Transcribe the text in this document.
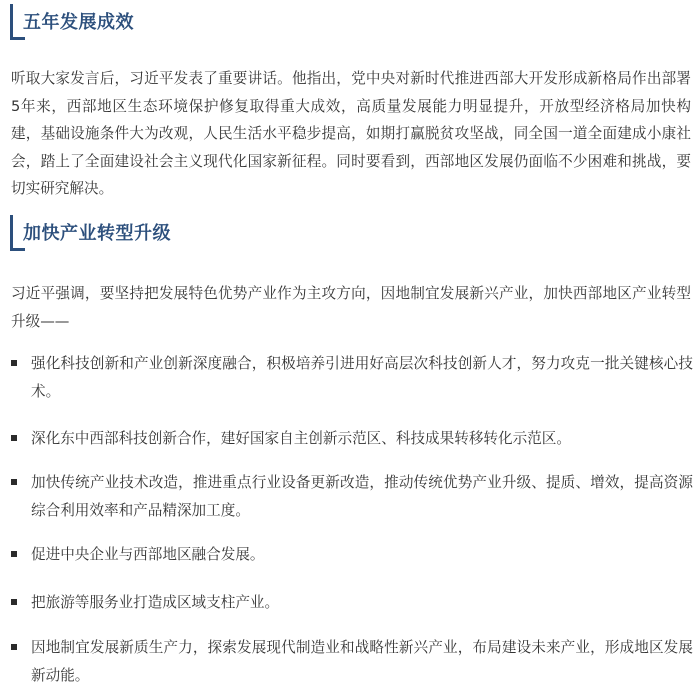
五年发展成效

听取大家发言后，习近平发表了重要讲话。他指出，党中央对新时代推进西部大开发形成新格局作出部署5年来，西部地区生态环境保护修复取得重大成效，高质量发展能力明显提升，开放型经济格局加快构建，基础设施条件大为改观，人民生活水平稳步提高，如期打赢脱贫攻坚战，同全国一道全面建成小康社会，踏上了全面建设社会主义现代化国家新征程。同时要看到，西部地区发展仍面临不少困难和挑战，要切实研究解决。

加快产业转型升级

习近平强调，要坚持把发展特色优势产业作为主攻方向，因地制宜发展新兴产业，加快西部地区产业转型升级——

强化科技创新和产业创新深度融合，积极培养引进用好高层次科技创新人才，努力攻克一批关键核心技术。
深化东中西部科技创新合作，建好国家自主创新示范区、科技成果转移转化示范区。
加快传统产业技术改造，推进重点行业设备更新改造，推动传统优势产业升级、提质、增效，提高资源综合利用效率和产品精深加工度。
促进中央企业与西部地区融合发展。
把旅游等服务业打造成区域支柱产业。
因地制宜发展新质生产力，探索发展现代制造业和战略性新兴产业，布局建设未来产业，形成地区发展新动能。
